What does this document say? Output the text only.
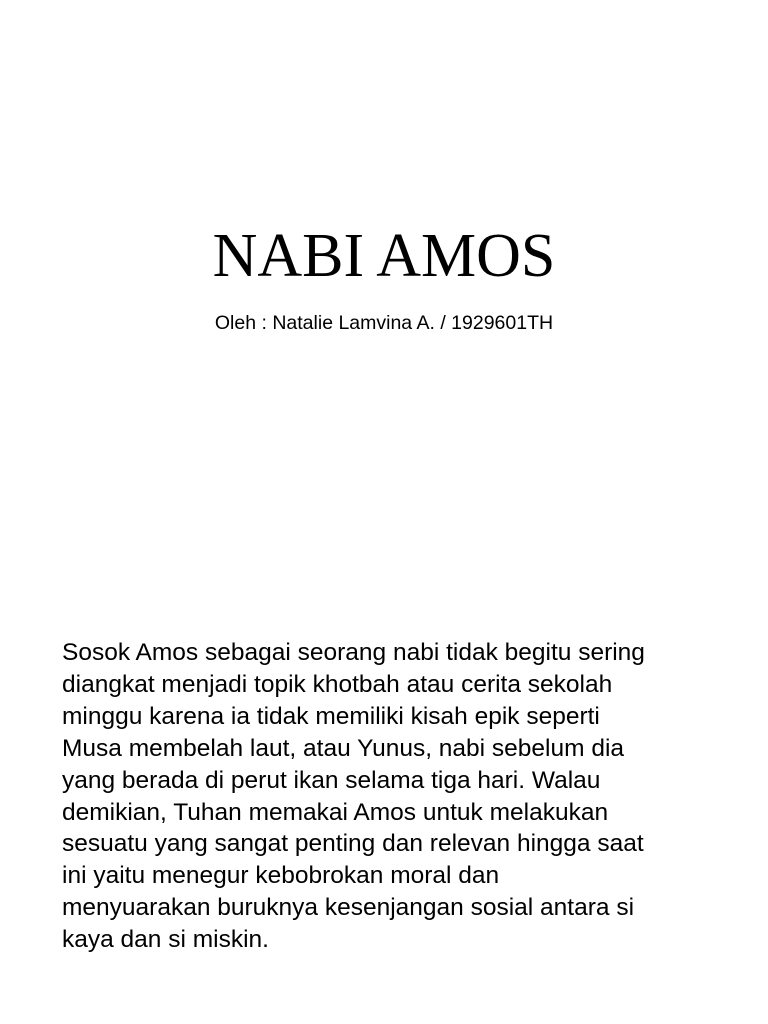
NABI AMOS
Oleh : Natalie Lamvina A. / 1929601TH

Sosok Amos sebagai seorang nabi tidak begitu sering
diangkat menjadi topik khotbah atau cerita sekolah
minggu karena ia tidak memiliki kisah epik seperti
Musa membelah laut, atau Yunus, nabi sebelum dia
yang berada di perut ikan selama tiga hari. Walau
demikian, Tuhan memakai Amos untuk melakukan
sesuatu yang sangat penting dan relevan hingga saat
ini yaitu menegur kebobrokan moral dan
menyuarakan buruknya kesenjangan sosial antara si
kaya dan si miskin.
